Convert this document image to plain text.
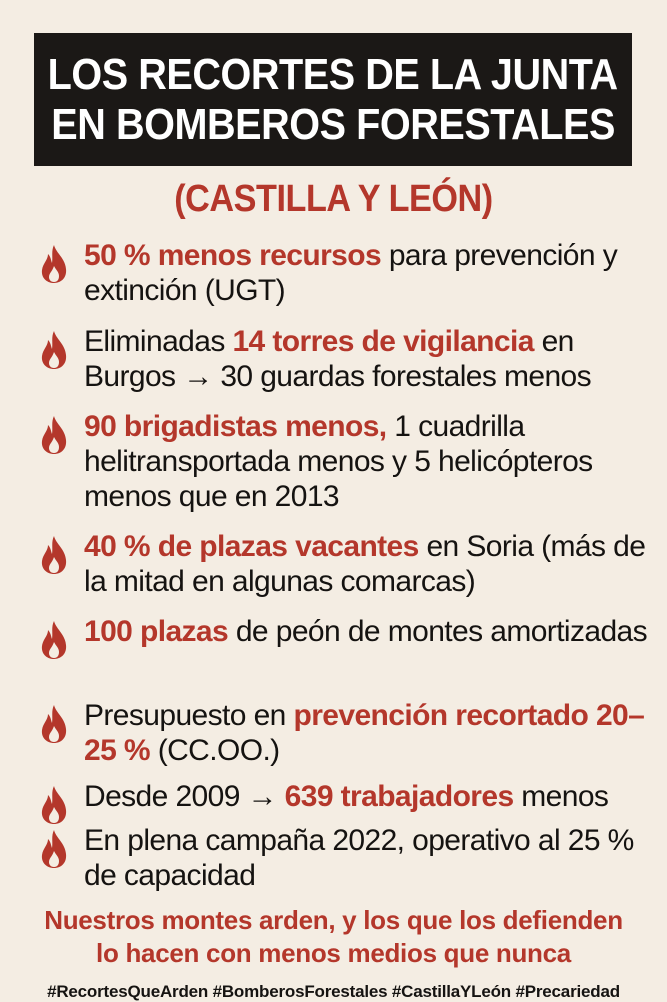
LOS RECORTES DE LA JUNTA
EN BOMBEROS FORESTALES
(CASTILLA Y LEÓN)
50 % menos recursos para prevención y extinción (UGT)
Eliminadas 14 torres de vigilancia en Burgos → 30 guardas forestales menos
90 brigadistas menos, 1 cuadrilla helitransportada menos y 5 helicópteros menos que en 2013
40 % de plazas vacantes en Soria (más de la mitad en algunas comarcas)
100 plazas de peón de montes amortizadas
Presupuesto en prevención recortado 20–25 % (CC.OO.)
Desde 2009 → 639 trabajadores menos
En plena campaña 2022, operativo al 25 % de capacidad
Nuestros montes arden, y los que los defienden
lo hacen con menos medios que nunca
#RecortesQueArden #BomberosForestales #CastillaYLeón #Precariedad
